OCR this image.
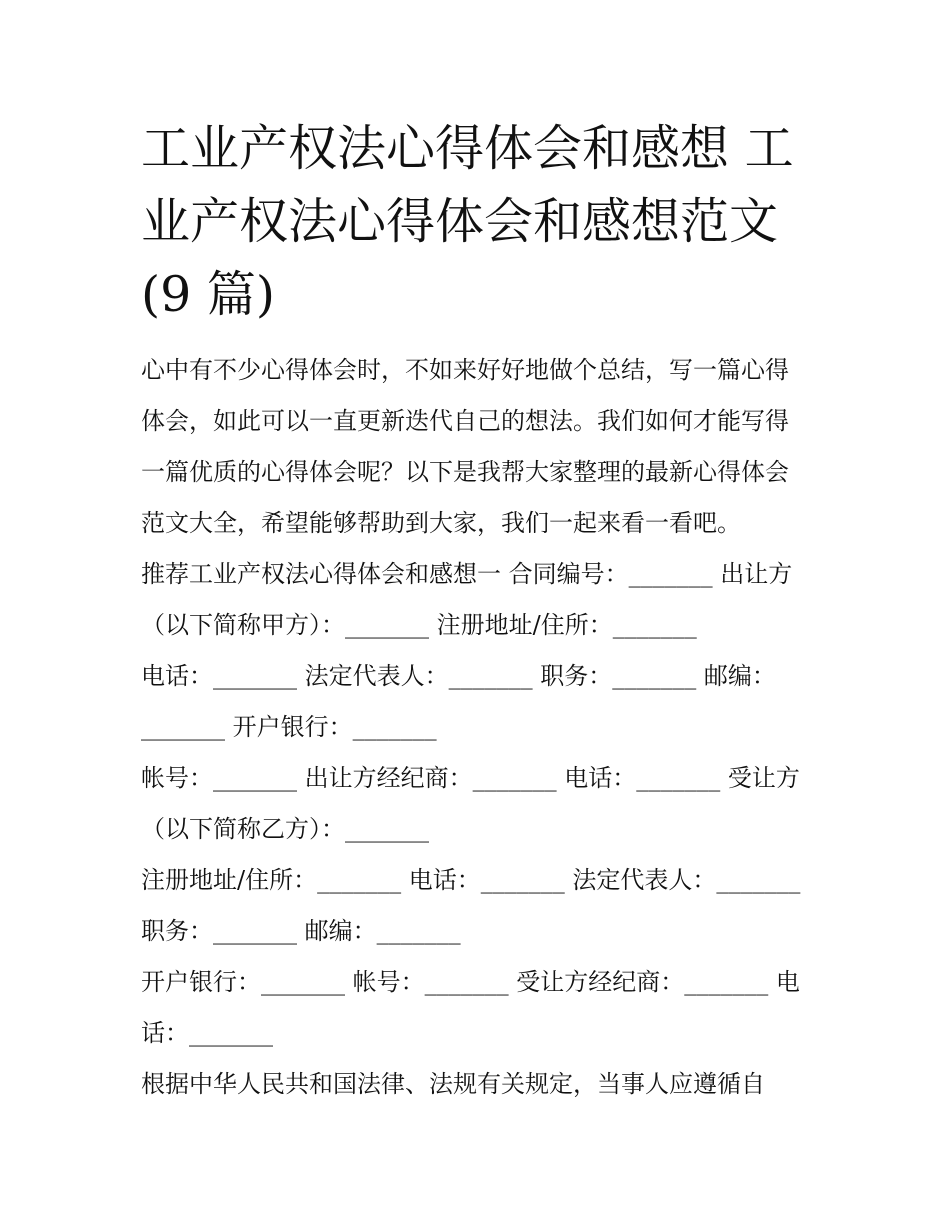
工业产权法心得体会和感想 工
业产权法心得体会和感想范文
(9 篇)

心中有不少心得体会时，不如来好好地做个总结，写一篇心得
体会，如此可以一直更新迭代自己的想法。我们如何才能写得
一篇优质的心得体会呢？以下是我帮大家整理的最新心得体会
范文大全，希望能够帮助到大家，我们一起来看一看吧。

推荐工业产权法心得体会和感想一 合同编号：_______ 出让方
（以下简称甲方）：_______ 注册地址/住所：_______
电话：_______ 法定代表人：_______ 职务：_______ 邮编：
_______ 开户银行：_______
帐号：_______ 出让方经纪商：_______ 电话：_______ 受让方
（以下简称乙方）：_______
注册地址/住所：_______ 电话：_______ 法定代表人：_______
职务：_______ 邮编：_______
开户银行：_______ 帐号：_______ 受让方经纪商：_______ 电
话：_______
根据中华人民共和国法律、法规有关规定，当事人应遵循自
